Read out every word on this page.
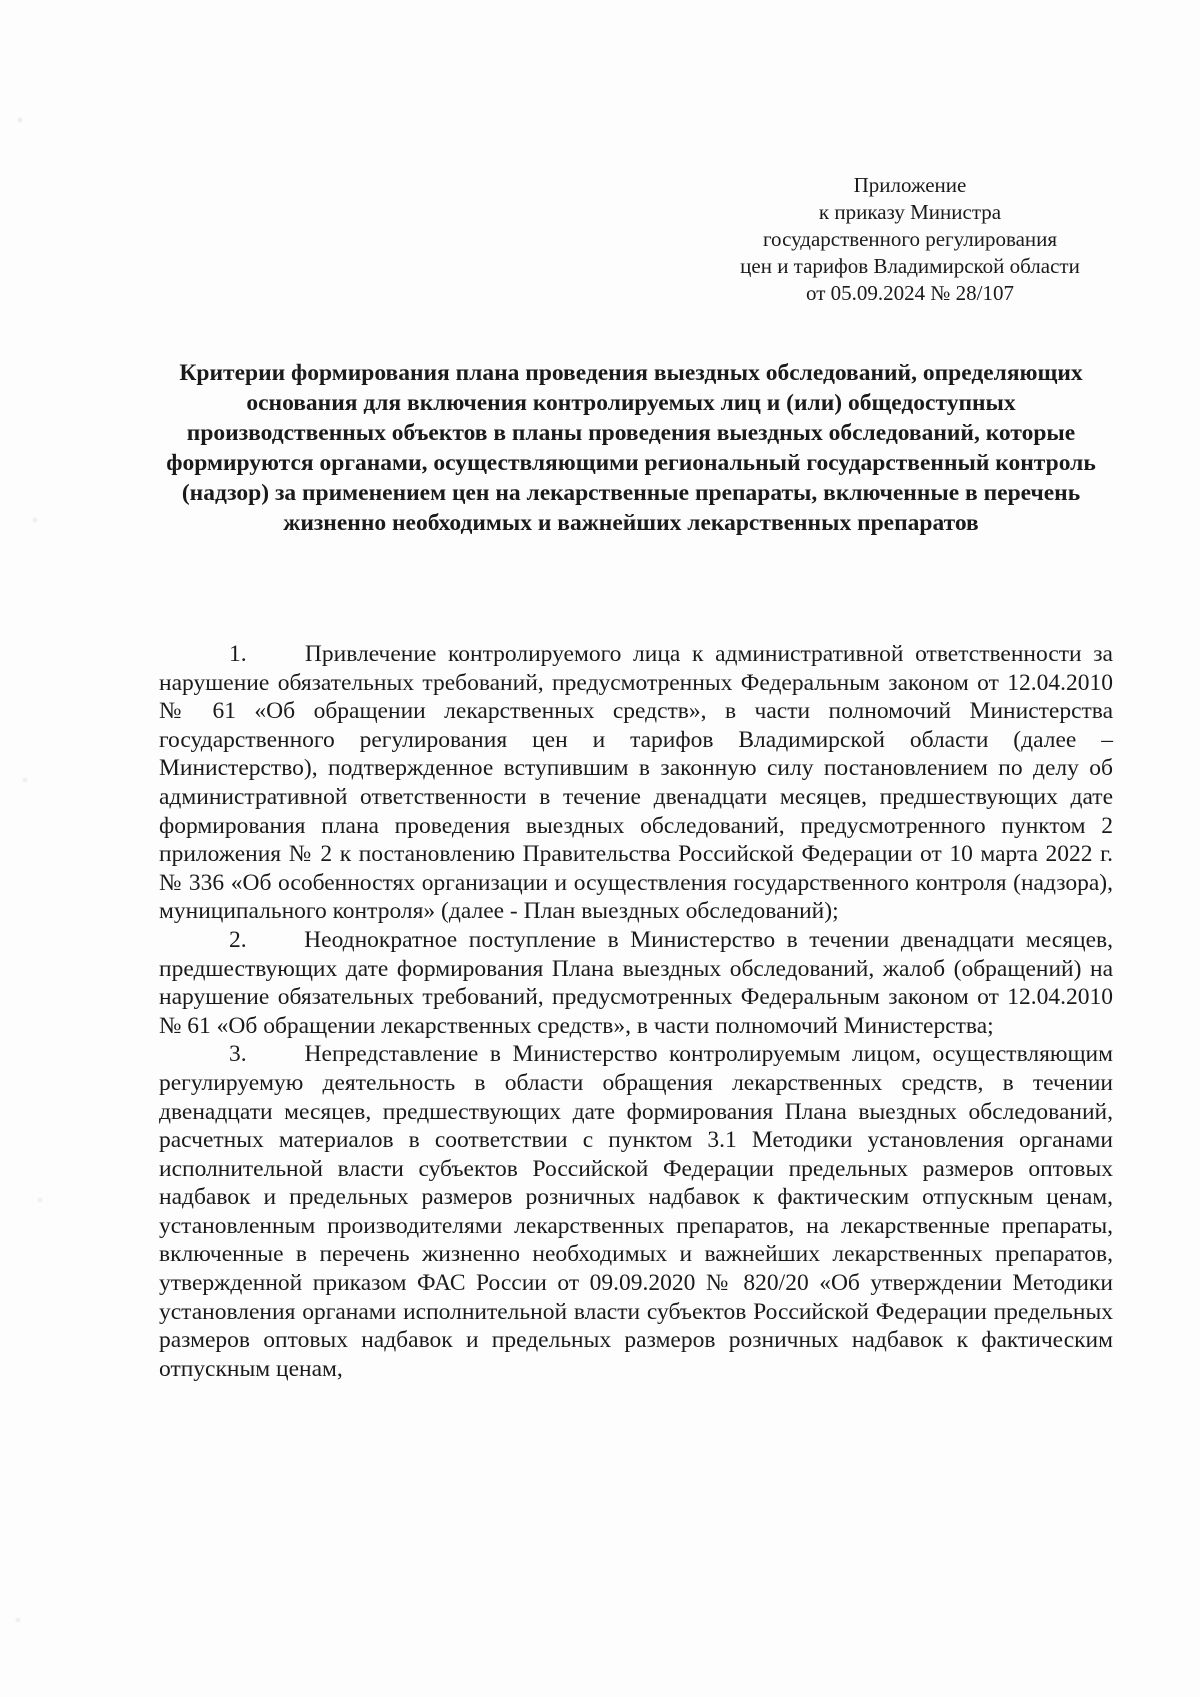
Приложение
к приказу Министра
государственного регулирования
цен и тарифов Владимирской области
от 05.09.2024 № 28/107
Критерии формирования плана проведения выездных обследований, определяющих основания для включения контролируемых лиц и (или) общедоступных производственных объектов в планы проведения выездных обследований, которые формируются органами, осуществляющими региональный государственный контроль (надзор) за применением цен на лекарственные препараты, включенные в перечень жизненно необходимых и важнейших лекарственных препаратов

1.     Привлечение контролируемого лица к административной ответственности за нарушение обязательных требований, предусмотренных Федеральным законом от 12.04.2010 № 61 «Об обращении лекарственных средств», в части полномочий Министерства государственного регулирования цен и тарифов Владимирской области (далее – Министерство), подтвержденное вступившим в законную силу постановлением по делу об административной ответственности в течение двенадцати месяцев, предшествующих дате формирования плана проведения выездных обследований, предусмотренного пунктом 2 приложения № 2 к постановлению Правительства Российской Федерации от 10 марта 2022 г. № 336 «Об особенностях организации и осуществления государственного контроля (надзора), муниципального контроля» (далее - План выездных обследований);

2.     Неоднократное поступление в Министерство в течении двенадцати месяцев, предшествующих дате формирования Плана выездных обследований, жалоб (обращений) на нарушение обязательных требований, предусмотренных Федеральным законом от 12.04.2010 № 61 «Об обращении лекарственных средств», в части полномочий Министерства;

3.     Непредставление в Министерство контролируемым лицом, осуществляющим регулируемую деятельность в области обращения лекарственных средств, в течении двенадцати месяцев, предшествующих дате формирования Плана выездных обследований, расчетных материалов в соответствии с пунктом 3.1 Методики установления органами исполнительной власти субъектов Российской Федерации предельных размеров оптовых надбавок и предельных размеров розничных надбавок к фактическим отпускным ценам, установленным производителями лекарственных препаратов, на лекарственные препараты, включенные в перечень жизненно необходимых и важнейших лекарственных препаратов, утвержденной приказом ФАС России от 09.09.2020 № 820/20 «Об утверждении Методики установления органами исполнительной власти субъектов Российской Федерации предельных размеров оптовых надбавок и предельных размеров розничных надбавок к фактическим отпускным ценам,
